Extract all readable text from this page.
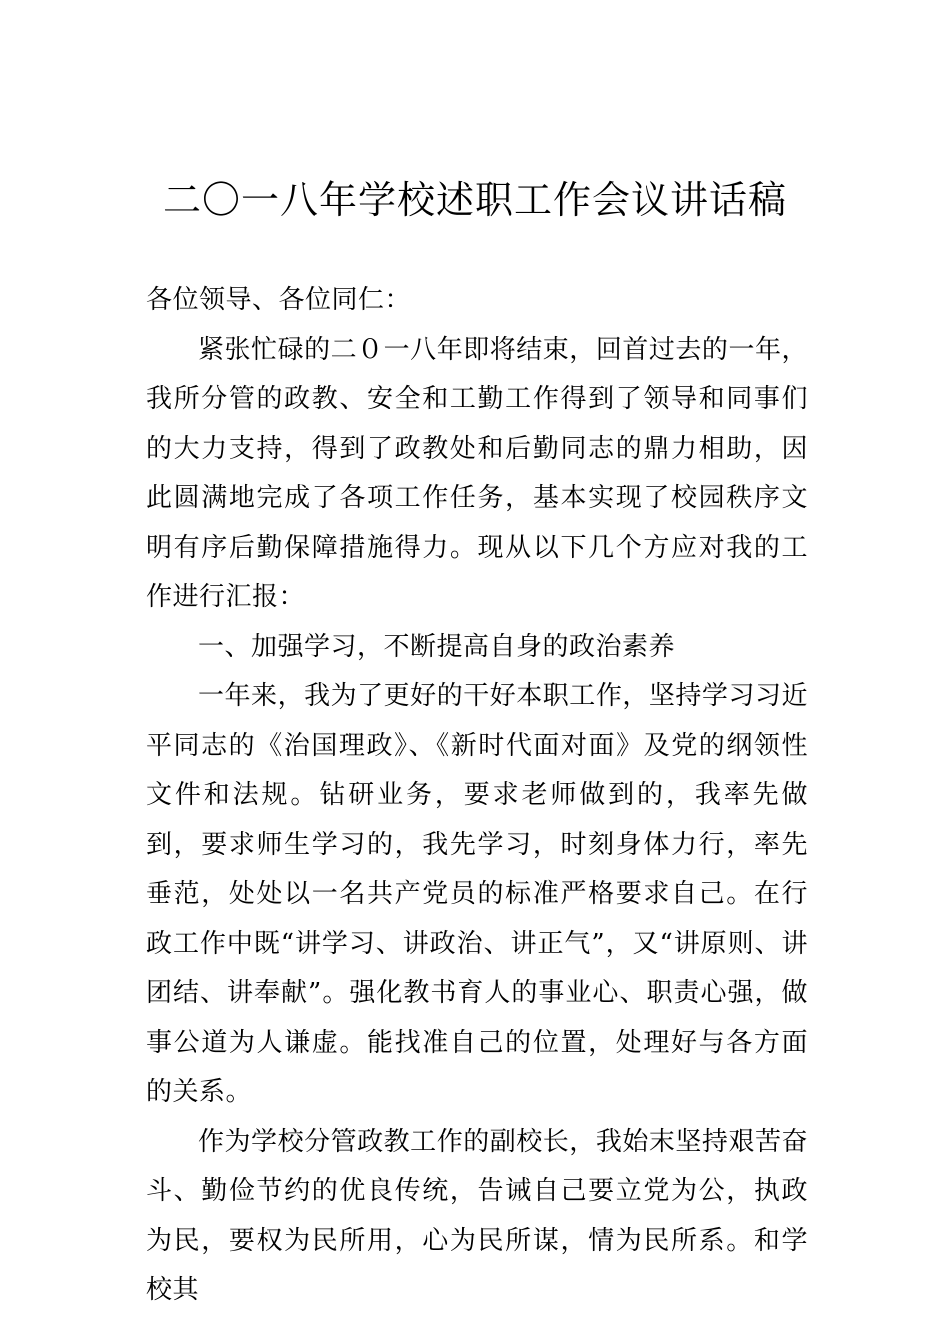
二〇一八年学校述职工作会议讲话稿

各位领导、各位同仁：

紧张忙碌的二０一八年即将结束，回首过去的一年，我所分管的政教、安全和工勤工作得到了领导和同事们的大力支持，得到了政教处和后勤同志的鼎力相助，因此圆满地完成了各项工作任务，基本实现了校园秩序文明有序后勤保障措施得力。现从以下几个方应对我的工作进行汇报：

一、加强学习，不断提高自身的政治素养

一年来，我为了更好的干好本职工作，坚持学习习近平同志的《治国理政》、《新时代面对面》及党的纲领性文件和法规。钻研业务，要求老师做到的，我率先做到，要求师生学习的，我先学习，时刻身体力行，率先垂范，处处以一名共产党员的标准严格要求自己。在行政工作中既“讲学习、讲政治、讲正气”，又“讲原则、讲团结、讲奉献”。强化教书育人的事业心、职责心强，做事公道为人谦虚。能找准自己的位置，处理好与各方面的关系。

作为学校分管政教工作的副校长，我始末坚持艰苦奋斗、勤俭节约的优良传统，告诫自己要立党为公，执政为民，要权为民所用，心为民所谋，情为民所系。和学校其
